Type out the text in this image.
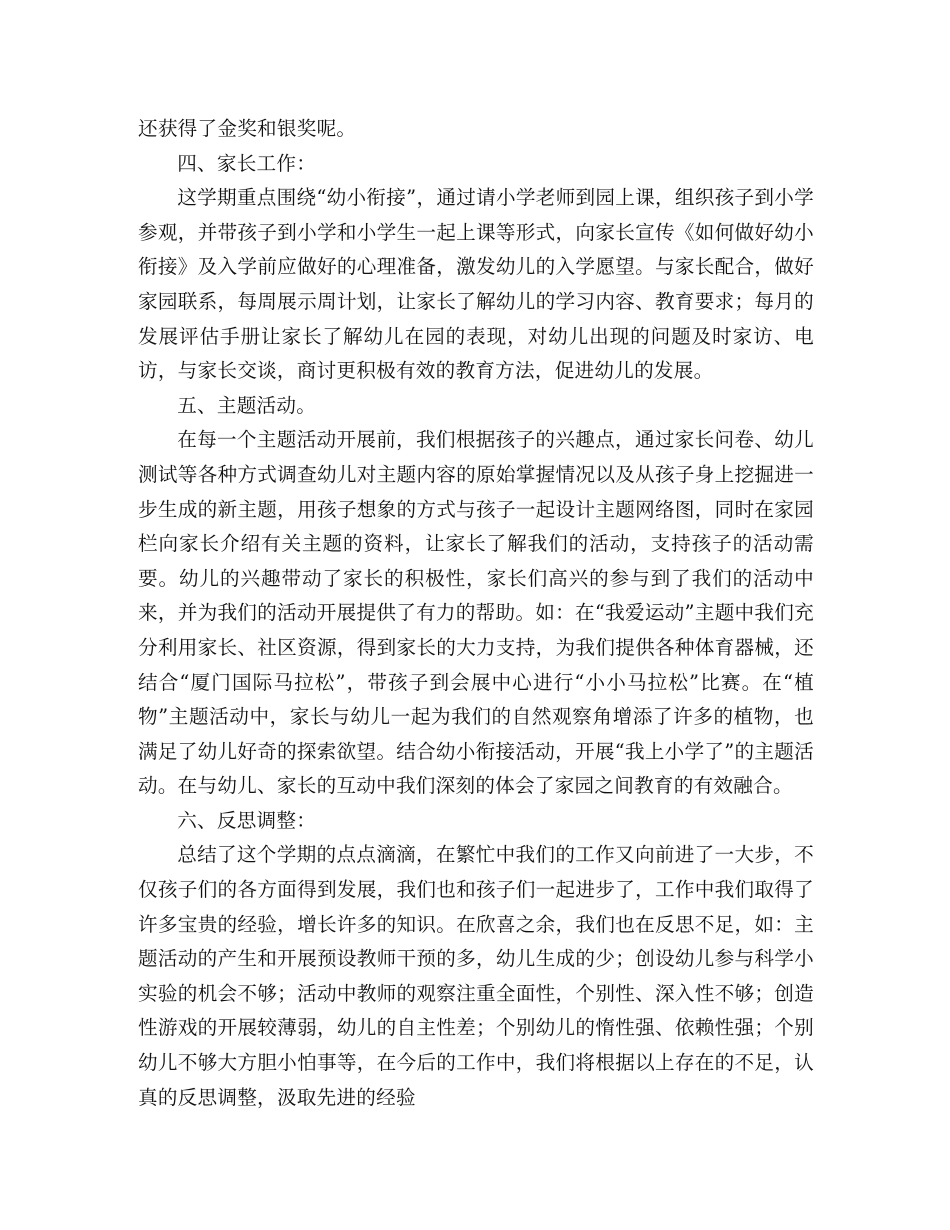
还获得了金奖和银奖呢。

四、家长工作：

这学期重点围绕“幼小衔接”，通过请小学老师到园上课，组织孩子到小学参观，并带孩子到小学和小学生一起上课等形式，向家长宣传《如何做好幼小衔接》及入学前应做好的心理准备，激发幼儿的入学愿望。与家长配合，做好家园联系，每周展示周计划，让家长了解幼儿的学习内容、教育要求；每月的发展评估手册让家长了解幼儿在园的表现，对幼儿出现的问题及时家访、电访，与家长交谈，商讨更积极有效的教育方法，促进幼儿的发展。

五、主题活动。

在每一个主题活动开展前，我们根据孩子的兴趣点，通过家长问卷、幼儿测试等各种方式调查幼儿对主题内容的原始掌握情况以及从孩子身上挖掘进一步生成的新主题，用孩子想象的方式与孩子一起设计主题网络图，同时在家园栏向家长介绍有关主题的资料，让家长了解我们的活动，支持孩子的活动需要。幼儿的兴趣带动了家长的积极性，家长们高兴的参与到了我们的活动中来，并为我们的活动开展提供了有力的帮助。如：在“我爱运动”主题中我们充分利用家长、社区资源，得到家长的大力支持，为我们提供各种体育器械，还结合“厦门国际马拉松”，带孩子到会展中心进行“小小马拉松”比赛。在“植物”主题活动中，家长与幼儿一起为我们的自然观察角增添了许多的植物，也满足了幼儿好奇的探索欲望。结合幼小衔接活动，开展“我上小学了”的主题活动。在与幼儿、家长的互动中我们深刻的体会了家园之间教育的有效融合。

六、反思调整：

总结了这个学期的点点滴滴，在繁忙中我们的工作又向前进了一大步，不仅孩子们的各方面得到发展，我们也和孩子们一起进步了，工作中我们取得了许多宝贵的经验，增长许多的知识。在欣喜之余，我们也在反思不足，如：主题活动的产生和开展预设教师干预的多，幼儿生成的少；创设幼儿参与科学小实验的机会不够；活动中教师的观察注重全面性，个别性、深入性不够；创造性游戏的开展较薄弱，幼儿的自主性差；个别幼儿的惰性强、依赖性强；个别幼儿不够大方胆小怕事等，在今后的工作中，我们将根据以上存在的不足，认真的反思调整，汲取先进的经验
